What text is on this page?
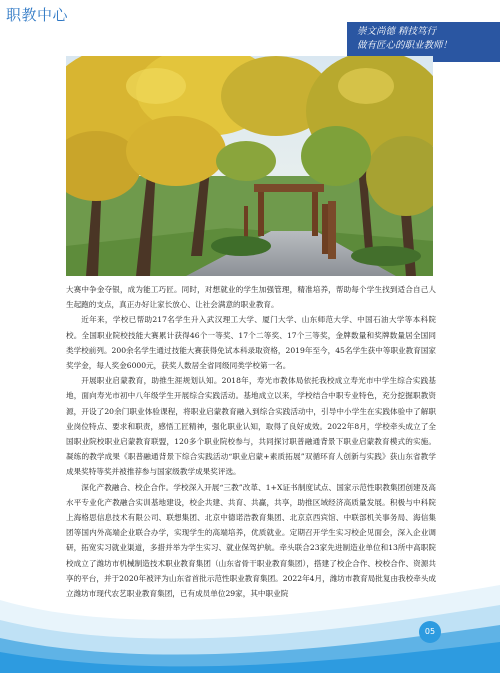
职教中心
崇文尚德 精技笃行
做有匠心的职业教师！

大赛中争金夺银，成为能工巧匠。同时，对想就业的学生加强管理，精准培养，帮助每个学生找到适合自己人生起跑的支点，真正办好让家长放心、让社会满意的职业教育。

近年来，学校已帮助217名学生升入武汉理工大学、厦门大学、山东师范大学、中国石油大学等本科院校。全国职业院校技能大赛累计获得46个一等奖、17个二等奖、17个三等奖，金牌数量和奖牌数量居全国同类学校前列。200余名学生通过技能大赛获得免试本科录取资格，2019年至今，45名学生获中等职业教育国家奖学金，每人奖金6000元，获奖人数居全省同级同类学校第一名。

开展职业启蒙教育，助推生涯规划认知。2018年，寿光市教体局依托我校成立寿光市中学生综合实践基地，面向寿光市初中八年级学生开展综合实践活动。基地成立以来，学校结合中职专业特色，充分挖掘职教资源，开设了20余门职业体验课程，将职业启蒙教育融入到综合实践活动中，引导中小学生在实践体验中了解职业岗位特点、要求和职责，感悟工匠精神，强化职业认知，取得了良好成效。2022年8月，学校牵头成立了全国职业院校职业启蒙教育联盟，120多个职业院校参与，共同探讨职普融通背景下职业启蒙教育模式的实施。凝练的教学成果《职普融通背景下综合实践活动“职业启蒙+素质拓展”双循环育人创新与实践》获山东省教学成果奖特等奖并被推荐参与国家级教学成果奖评选。

深化产教融合、校企合作。学校深入开展“三教”改革、1+X证书制度试点、国家示范性职教集团创建及高水平专业化产教融合实训基地建设，校企共建、共育、共赢，共享，助推区域经济高质量发展。积极与中科院上海格思信息技术有限公司、联想集团、北京中德诺浩教育集团、北京京西宾馆、中联部机关事务局、海信集团等国内外高端企业联合办学，实现学生的高端培养，优质就业。定期召开学生实习校企见面会，深入企业调研，拓宽实习就业渠道，多措并举为学生实习、就业保驾护航。牵头联合23家先进制造业单位和13所中高职院校成立了潍坊市机械制造技术职业教育集团（山东省骨干职业教育集团），搭建了校企合作、校校合作、资源共享的平台，并于2020年被评为山东省首批示范性职业教育集团。2022年4月，潍坊市教育局批复由我校牵头成立潍坊市现代农艺职业教育集团，已有成员单位29家，其中职业院

05
